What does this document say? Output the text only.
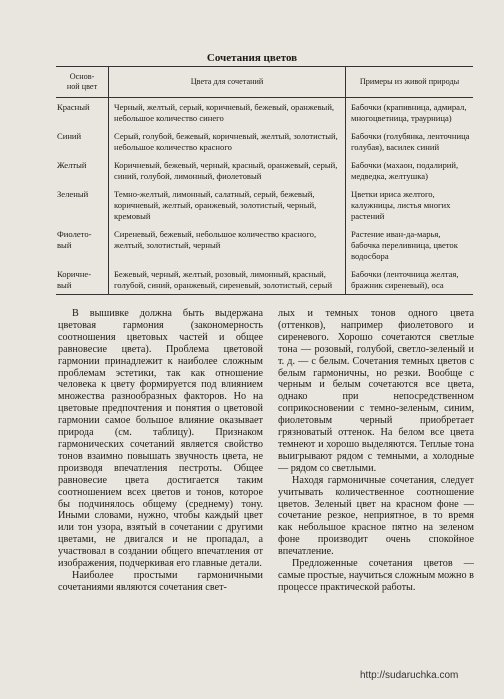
Сочетания цветов
Основ-
ной цвет	Цвета для сочетаний	Примеры из живой природы
Красный	Черный, желтый, серый, коричневый, бежевый, оранжевый, небольшое количество синего	Бабочки (крапивница, адмирал, многоцветница, траурница)
Синий	Серый, голубой, бежевый, коричневый, желтый, золотистый, небольшое количество красного	Бабочки (голубянка, ленточница голубая), василек синий
Желтый	Коричневый, бежевый, черный, красный, оранжевый, серый, синий, голубой, лимонный, фиолетовый	Бабочки (махаон, подалирий, медведка, желтушка)
Зеленый	Темно-желтый, лимонный, салатный, серый, бежевый, коричневый, желтый, оранжевый, золотистый, черный, кремовый	Цветки ириса желтого, калужницы, листья многих растений
Фиолето-
вый	Сиреневый, бежевый, небольшое количество красного, желтый, золотистый, черный	Растение иван-да-марья, бабочка переливница, цветок водосбора
Коричне-
вый	Бежевый, черный, желтый, розовый, лимонный, красный, голубой, синий, оранжевый, сиреневый, золотистый, серый	Бабочки (ленточница желтая, бражник сиреневый), оса

В вышивке должна быть выдержана цветовая гармония (закономерность соотношения цветовых частей и общее равновесие цвета). Проблема цветовой гармонии принадлежит к наиболее сложным проблемам эстетики, так как отношение человека к цвету формируется под влиянием множества разнообразных факторов. Но на цветовые предпочтения и понятия о цветовой гармонии самое большое влияние оказывает природа (см. таблицу). Признаком гармонических сочетаний является свойство тонов взаимно повышать звучность цвета, не производя впечатления пестроты. Общее равновесие цвета достигается таким соотношением всех цветов и тонов, которое бы подчинялось общему (среднему) тону. Иными словами, нужно, чтобы каждый цвет или тон узора, взятый в сочетании с другими цветами, не двигался и не пропадал, а участвовал в создании общего впечатления от изображения, подчеркивая его главные детали.

Наиболее простыми гармоничными сочетаниями являются сочетания свет-

лых и темных тонов одного цвета (оттенков), например фиолетового и сиреневого. Хорошо сочетаются светлые тона — розовый, голубой, светло-зеленый и т. д. — с белым. Сочетания темных цветов с белым гармоничны, но резки. Вообще с черным и белым сочетаются все цвета, однако при непосредственном соприкосновении с темно-зеленым, синим, фиолетовым черный приобретает грязноватый оттенок. На белом все цвета темнеют и хорошо выделяются. Теплые тона выигрывают рядом с темными, а холодные — рядом со светлыми.

Находя гармоничные сочетания, следует учитывать количественное соотношение цветов. Зеленый цвет на красном фоне — сочетание резкое, неприятное, в то время как небольшое красное пятно на зеленом фоне производит очень спокойное впечатление.

Предложенные сочетания цветов — самые простые, научиться сложным можно в процессе практической работы.

http://sudaruchka.com
